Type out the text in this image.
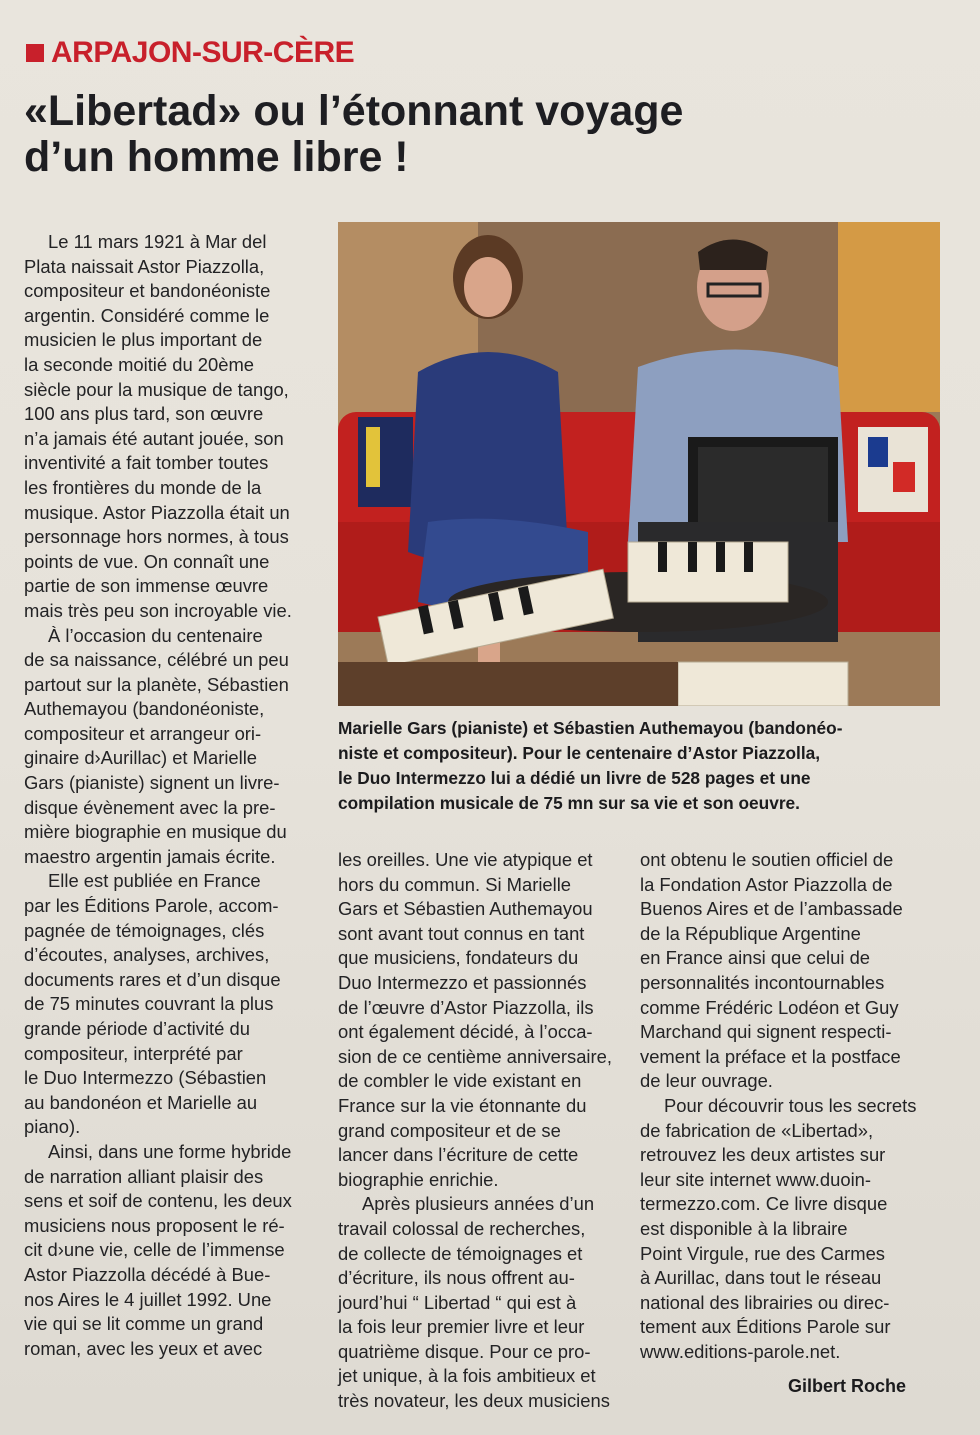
ARPAJON-SUR-CÈRE
«Libertad» ou l’étonnant voyage
d’un homme libre !
Marielle Gars (pianiste) et Sébastien Authemayou (bandonéo-
niste et compositeur). Pour le centenaire d’Astor Piazzolla,
le Duo Intermezzo lui a dédié un livre de 528 pages et une
compilation musicale de 75 mn sur sa vie et son oeuvre.
Le 11 mars 1921 à Mar del
Plata naissait Astor Piazzolla,
compositeur et bandonéoniste
argentin. Considéré comme le
musicien le plus important de
la seconde moitié du 20ème
siècle pour la musique de tango,
100 ans plus tard, son œuvre
n’a jamais été autant jouée, son
inventivité a fait tomber toutes
les frontières du monde de la
musique. Astor Piazzolla était un
personnage hors normes, à tous
points de vue. On connaît une
partie de son immense œuvre
mais très peu son incroyable vie.
À l’occasion du centenaire
de sa naissance, célébré un peu
partout sur la planète, Sébastien
Authemayou (bandonéoniste,
compositeur et arrangeur ori-
ginaire d›Aurillac) et Marielle
Gars (pianiste) signent un livre-
disque évènement avec la pre-
mière biographie en musique du
maestro argentin jamais écrite.
Elle est publiée en France
par les Éditions Parole, accom-
pagnée de témoignages, clés
d’écoutes, analyses, archives,
documents rares et d’un disque
de 75 minutes couvrant la plus
grande période d’activité du
compositeur, interprété par
le Duo Intermezzo (Sébastien
au bandonéon et Marielle au
piano).
Ainsi, dans une forme hybride
de narration alliant plaisir des
sens et soif de contenu, les deux
musiciens nous proposent le ré-
cit d›une vie, celle de l’immense
Astor Piazzolla décédé à Bue-
nos Aires le 4 juillet 1992. Une
vie qui se lit comme un grand
roman, avec les yeux et avec
les oreilles. Une vie atypique et
hors du commun. Si Marielle
Gars et Sébastien Authemayou
sont avant tout connus en tant
que musiciens, fondateurs du
Duo Intermezzo et passionnés
de l’œuvre d’Astor Piazzolla, ils
ont également décidé, à l’occa-
sion de ce centième anniversaire,
de combler le vide existant en
France sur la vie étonnante du
grand compositeur et de se
lancer dans l’écriture de cette
biographie enrichie.
Après plusieurs années d’un
travail colossal de recherches,
de collecte de témoignages et
d’écriture, ils nous offrent au-
jourd’hui “ Libertad “ qui est à
la fois leur premier livre et leur
quatrième disque. Pour ce pro-
jet unique, à la fois ambitieux et
très novateur, les deux musiciens
ont obtenu le soutien officiel de
la Fondation Astor Piazzolla de
Buenos Aires et de l’ambassade
de la République Argentine
en France ainsi que celui de
personnalités incontournables
comme Frédéric Lodéon et Guy
Marchand qui signent respecti-
vement la préface et la postface
de leur ouvrage.
Pour découvrir tous les secrets
de fabrication de «Libertad»,
retrouvez les deux artistes sur
leur site internet www.duoin-
termezzo.com. Ce livre disque
est disponible à la libraire
Point Virgule, rue des Carmes
à Aurillac, dans tout le réseau
national des librairies ou direc-
tement aux Éditions Parole sur
www.editions-parole.net.
Gilbert Roche
